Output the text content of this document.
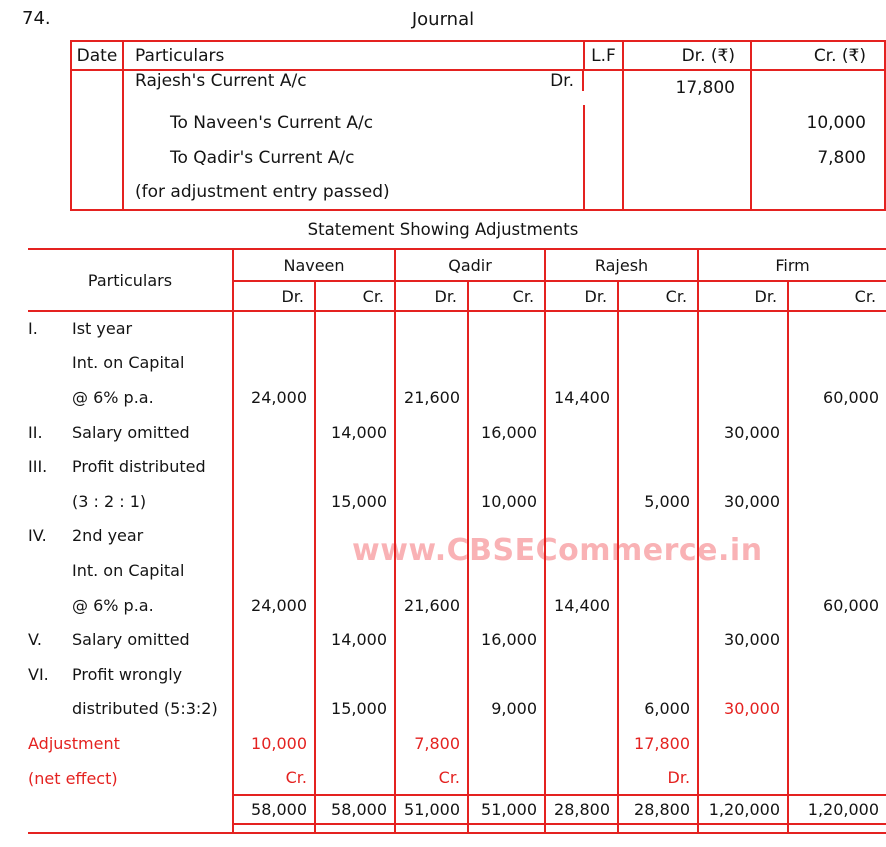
74.	Journal
www.CBSECommerce.in
Date	Particulars	L.F	Dr. (₹)	Cr. (₹)

Rajesh's Current A/c	Dr.
		17,800	
	To Naveen's Current A/c			10,000
	To Qadir's Current A/c			7,800
	(for adjustment entry passed)			
Statement Showing Adjustments
Particulars	Naveen		Qadir		Rajesh		Firm	
	Dr.	Cr.	Dr.	Cr.	Dr.	Cr.	Dr.	Cr.
I. Ist year								
Int. on Capital								
@ 6% p.a.	24,000		21,600		14,400			60,000
II. Salary omitted		14,000		16,000			30,000	
III. Profit distributed								
(3 : 2 : 1)		15,000		10,000		5,000	30,000	
IV. 2nd year								
Int. on Capital								
@ 6% p.a.	24,000		21,600		14,400			60,000
V. Salary omitted		14,000		16,000			30,000	
VI. Profit wrongly								
distributed (5:3:2)		15,000		9,000		6,000	30,000	
Adjustment	10,000		7,800			17,800		
(net effect)	Cr.		Cr.			Dr.		
	58,000	58,000	51,000	51,000	28,800	28,800	1,20,000	1,20,000
